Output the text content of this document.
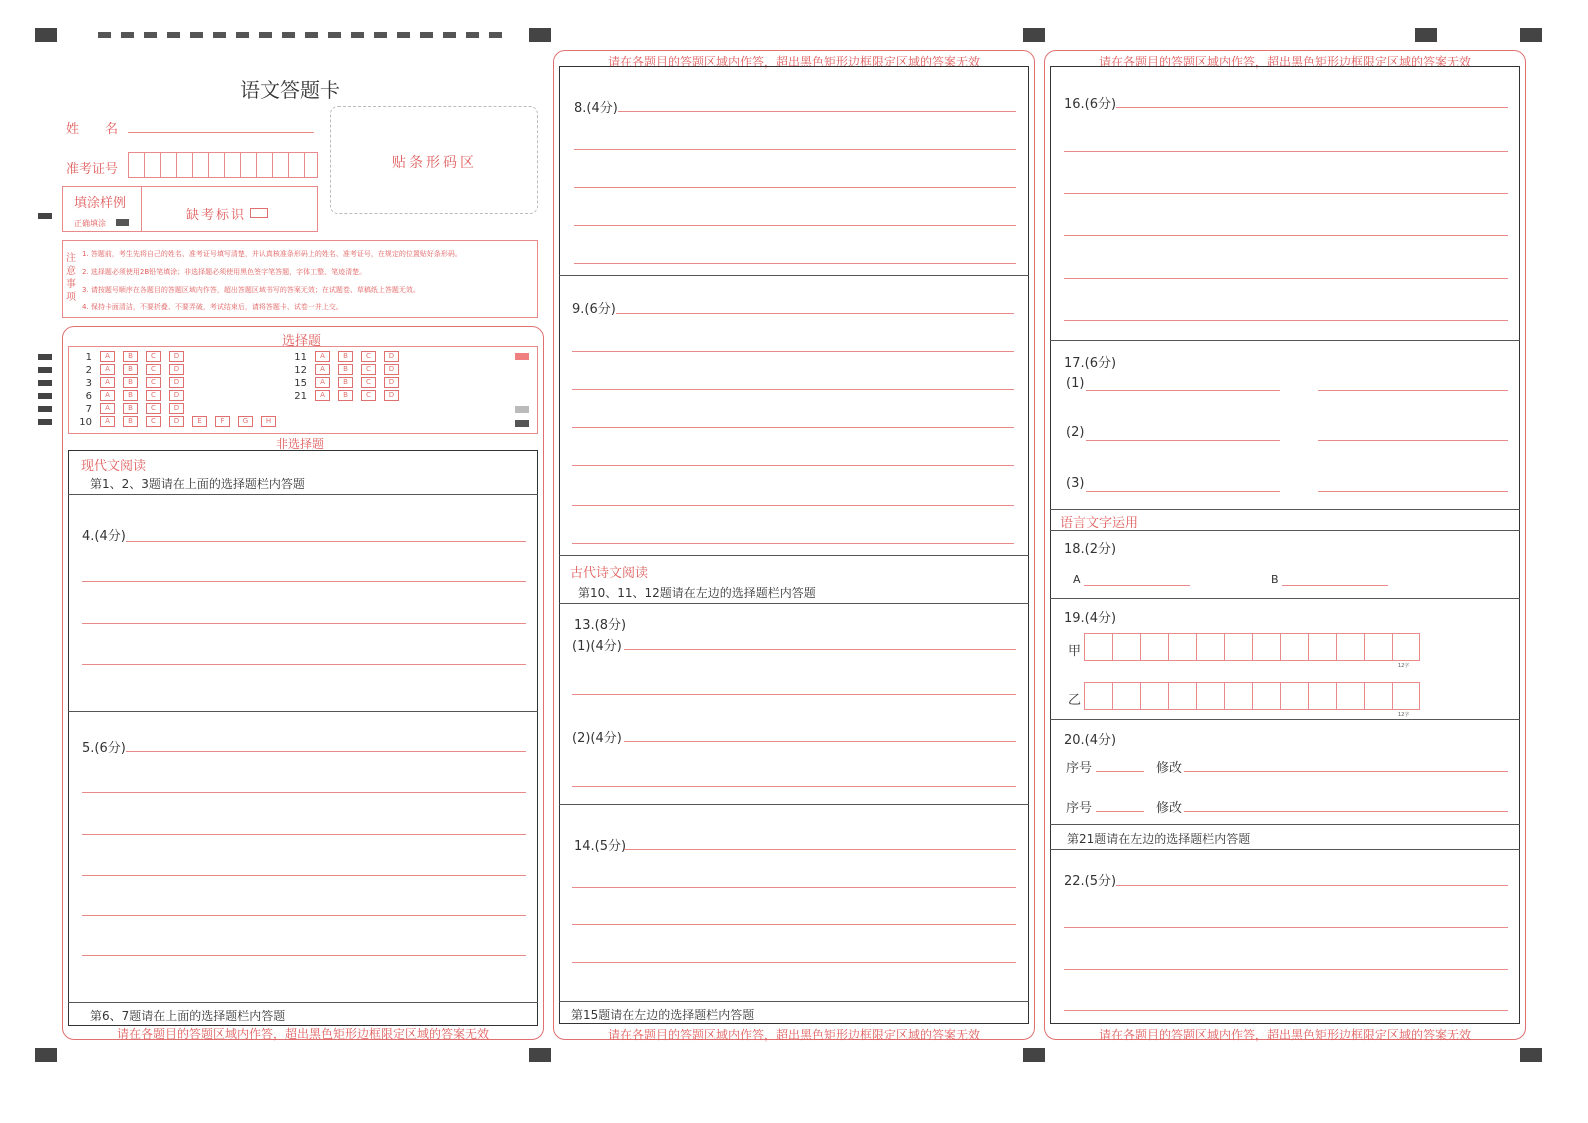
语文答题卡
姓　　名
准考证号	贴条形码区
填涂样例
正确填涂
缺考标识
注意事项
1. 答题前，考生先将自己的姓名、准考证号填写清楚，并认真核准条形码上的姓名、准考证号，在规定的位置贴好条形码。
2. 选择题必须使用2B铅笔填涂；非选择题必须使用黑色签字笔答题，字体工整、笔迹清楚。
3. 请按题号顺序在各题目的答题区域内作答，超出答题区域书写的答案无效；在试题卷、草稿纸上答题无效。
4. 保持卡面清洁，不要折叠、不要弄破，考试结束后，请将答题卡、试卷一并上交。
选择题
1 A	B	C	D
2 A	B	C	D
3 A	B	C	D
6 A	B	C	D
7 A	B	C	D
10 A	B	C	D	E	F	G	H
11 A	B	C	D
12 A	B	C	D
15 A	B	C	D
21 A	B	C	D
非选择题
现代文阅读
第1、2、3题请在上面的选择题栏内答题
4.(4分)
5.(6分)
第6、7题请在上面的选择题栏内答题
请在各题目的答题区域内作答，超出黑色矩形边框限定区域的答案无效
请在各题目的答题区域内作答，超出黑色矩形边框限定区域的答案无效
8.(4分)
9.(6分)
古代诗文阅读
第10、11、12题请在左边的选择题栏内答题
13.(8分)
(1)(4分)
(2)(4分)
14.(5分)
第15题请在左边的选择题栏内答题
请在各题目的答题区域内作答，超出黑色矩形边框限定区域的答案无效
请在各题目的答题区域内作答，超出黑色矩形边框限定区域的答案无效
16.(6分)
17.(6分)
(1)
(2)
(3)
语言文字运用
18.(2分)
A	B
19.(4分)
甲
12字
乙
12字
20.(4分)
序号	修改
序号	修改
第21题请在左边的选择题栏内答题
22.(5分)
请在各题目的答题区域内作答，超出黑色矩形边框限定区域的答案无效
